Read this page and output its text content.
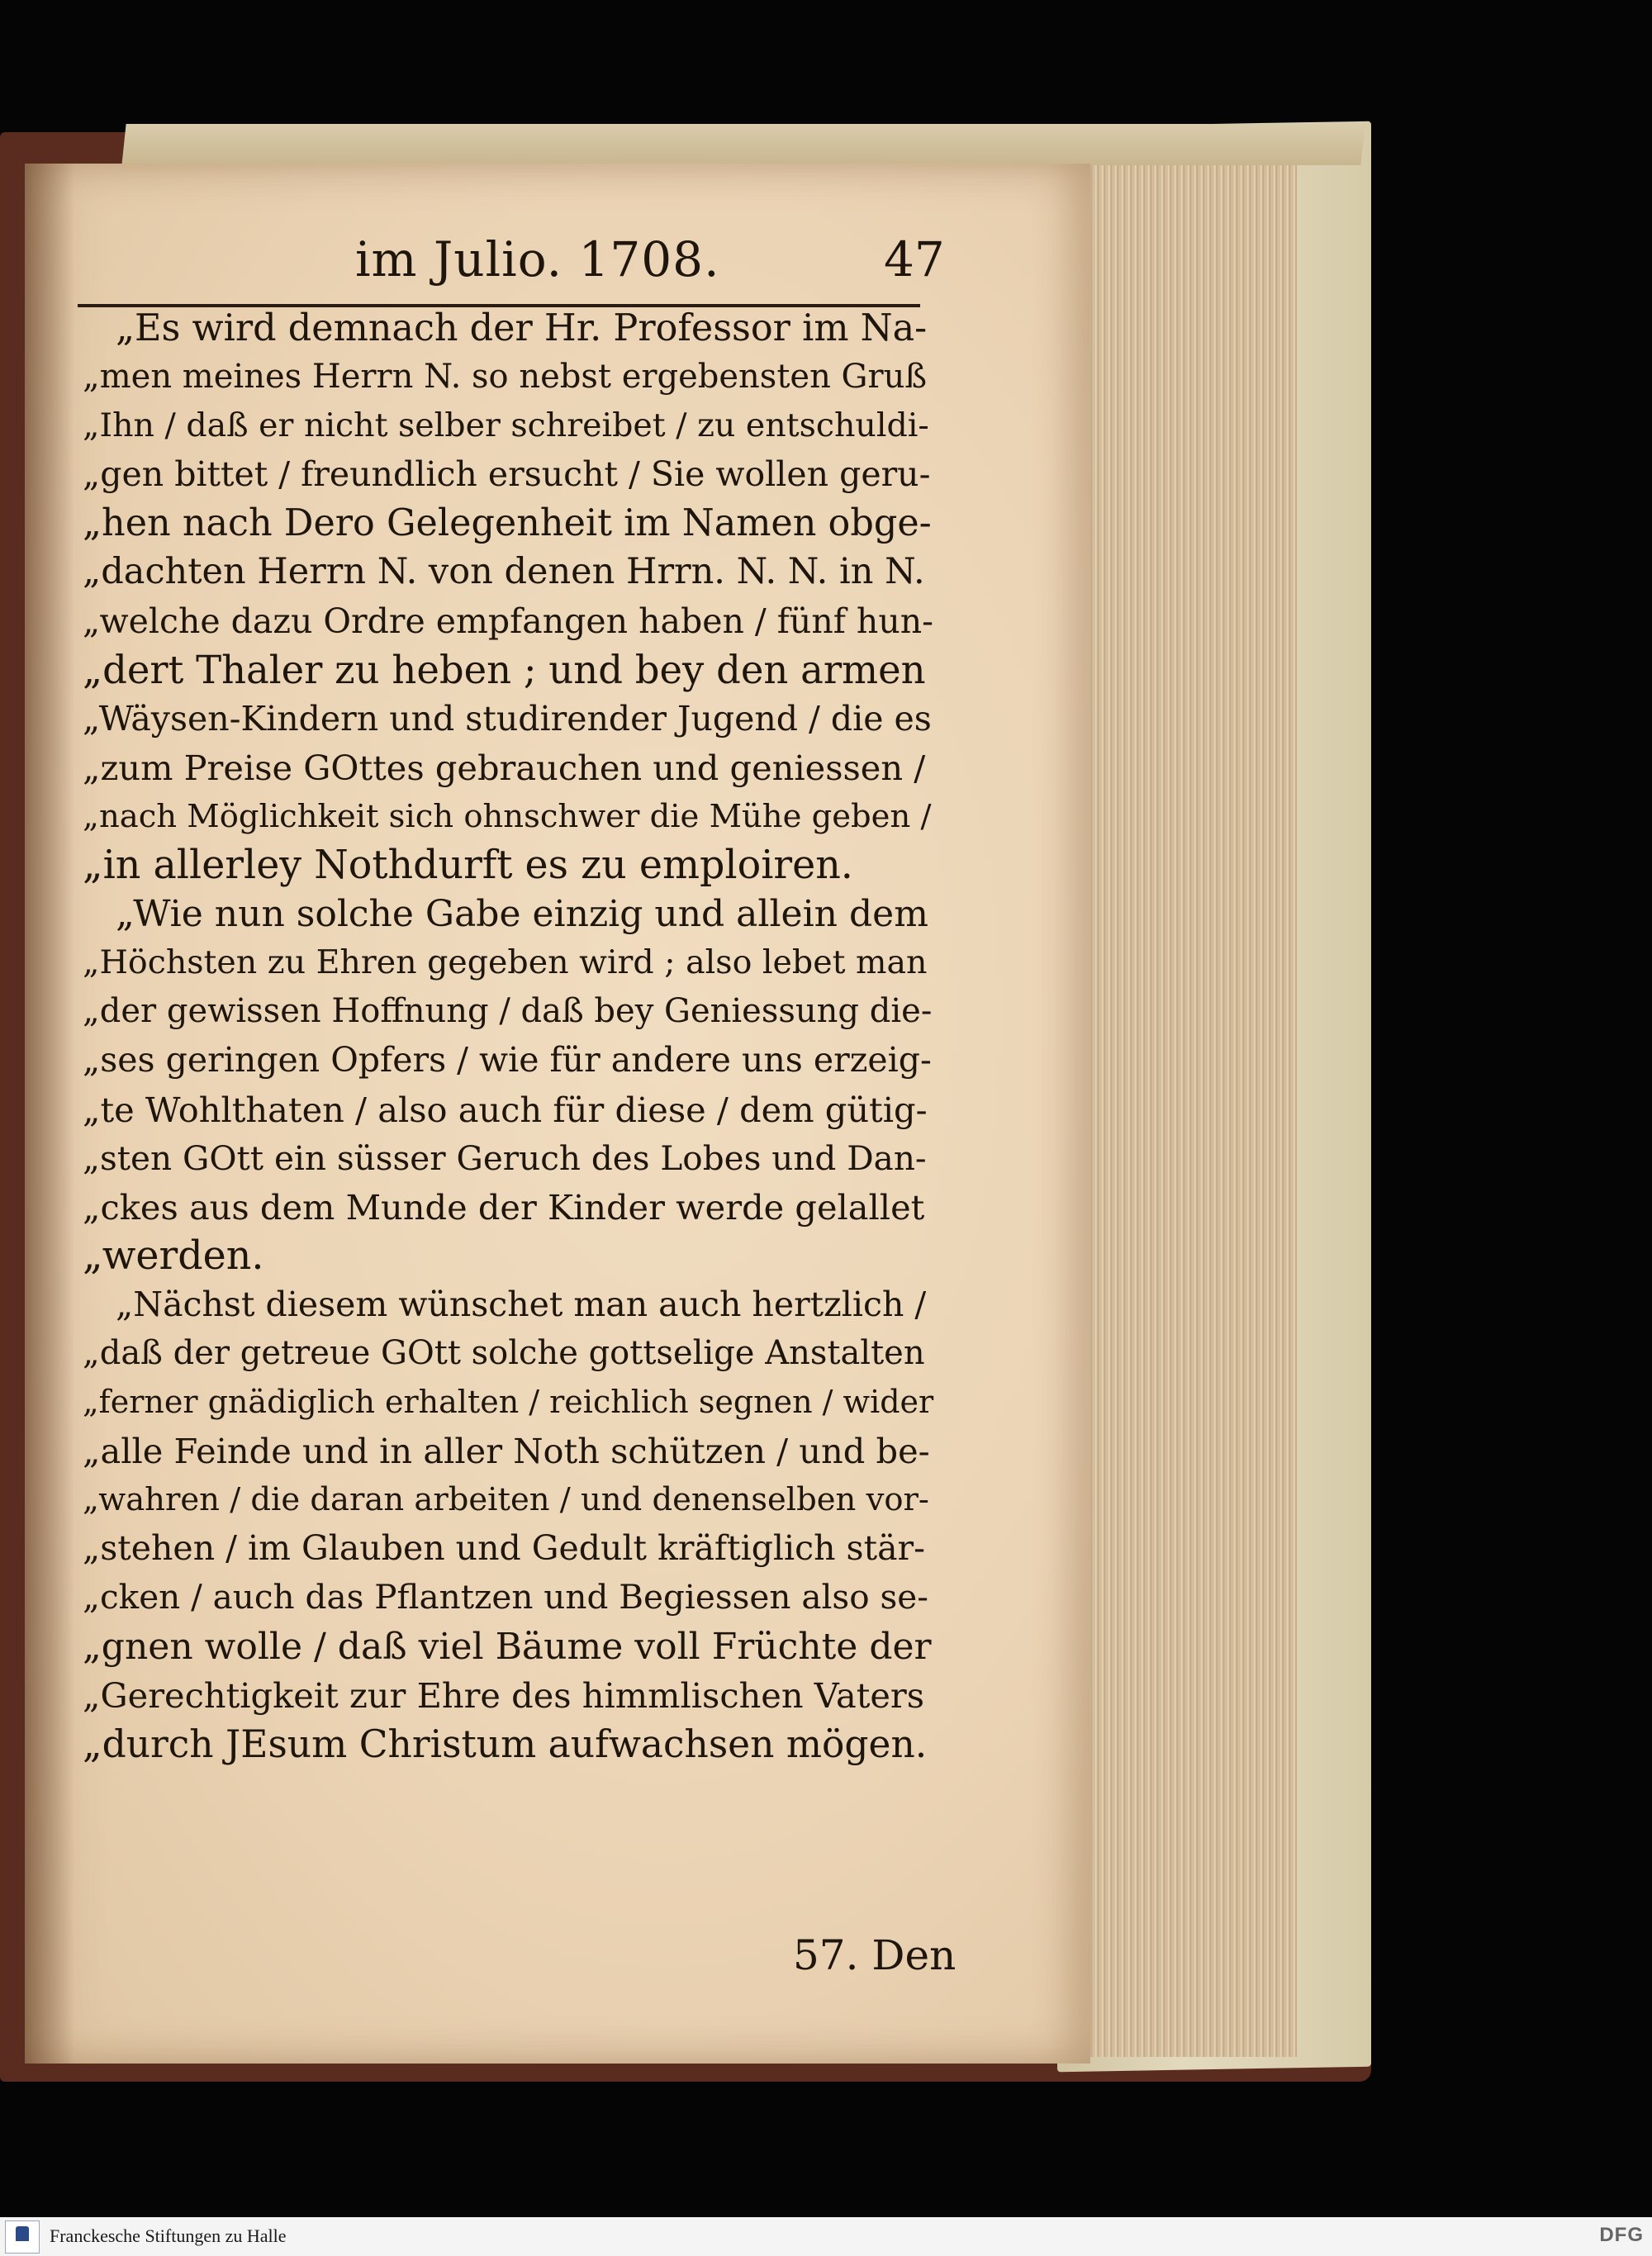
im Julio. 1708.	47
„Es wird demnach der Hr. Professor im Na-
„men meines Herrn N. so nebst ergebensten Gruß
„Ihn / daß er nicht selber schreibet / zu entschuldi-
„gen bittet / freundlich ersucht / Sie wollen geru-
„hen nach Dero Gelegenheit im Namen obge-
„dachten Herrn N. von denen Hrrn. N. N. in N.
„welche dazu Ordre empfangen haben / fünf hun-
„dert Thaler zu heben ; und bey den armen
„Wäysen-Kindern und studirender Jugend / die es
„zum Preise GOttes gebrauchen und geniessen /
„nach Möglichkeit sich ohnschwer die Mühe geben /
„in allerley Nothdurft es zu emploiren.
„Wie nun solche Gabe einzig und allein dem
„Höchsten zu Ehren gegeben wird ; also lebet man
„der gewissen Hoffnung / daß bey Geniessung die-
„ses geringen Opfers / wie für andere uns erzeig-
„te Wohlthaten / also auch für diese / dem gütig-
„sten GOtt ein süsser Geruch des Lobes und Dan-
„ckes aus dem Munde der Kinder werde gelallet
„werden.
„Nächst diesem wünschet man auch hertzlich /
„daß der getreue GOtt solche gottselige Anstalten
„ferner gnädiglich erhalten / reichlich segnen / wider
„alle Feinde und in aller Noth schützen / und be-
„wahren / die daran arbeiten / und denenselben vor-
„stehen / im Glauben und Gedult kräftiglich stär-
„cken / auch das Pflantzen und Begiessen also se-
„gnen wolle / daß viel Bäume voll Früchte der
„Gerechtigkeit zur Ehre des himmlischen Vaters
„durch JEsum Christum aufwachsen mögen.
57. Den
Franckesche Stiftungen zu Halle	DFG
